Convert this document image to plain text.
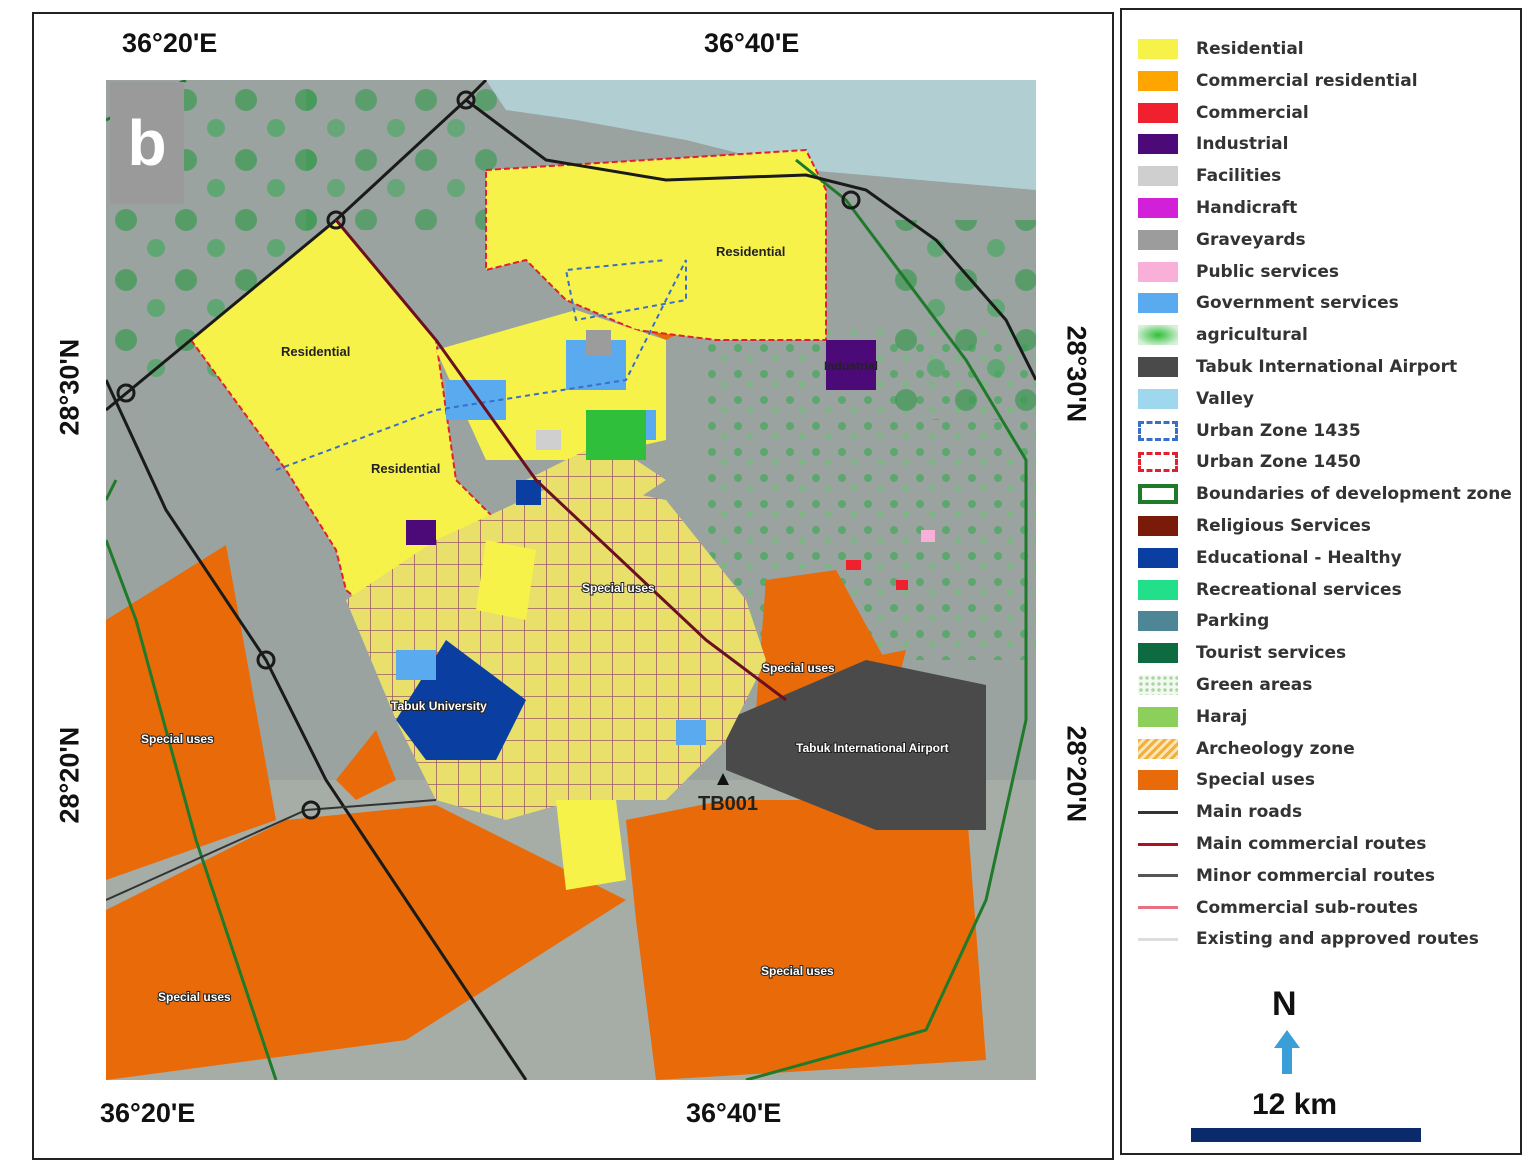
36°20'E	36°40'E
36°20'E	36°40'E
28°30'N
28°20'N
28°30'N
28°20'N
Residential
Residential
Residential
Industrial
Special uses
Special uses
Special uses
Special uses
Special uses
Tabuk University
Tabuk International Airport
TB001
b
Residential
Commercial residential
Commercial
Industrial
Facilities
Handicraft
Graveyards
Public services
Government services
agricultural
Tabuk International Airport
Valley
Urban Zone 1435
Urban Zone 1450
Boundaries of development zone
Religious Services
Educational - Healthy
Recreational services
Parking
Tourist services
Green areas
Haraj
Archeology zone
Special uses
Main roads
Main commercial routes
Minor commercial routes
Commercial sub-routes
Existing and approved routes
N
12 km
